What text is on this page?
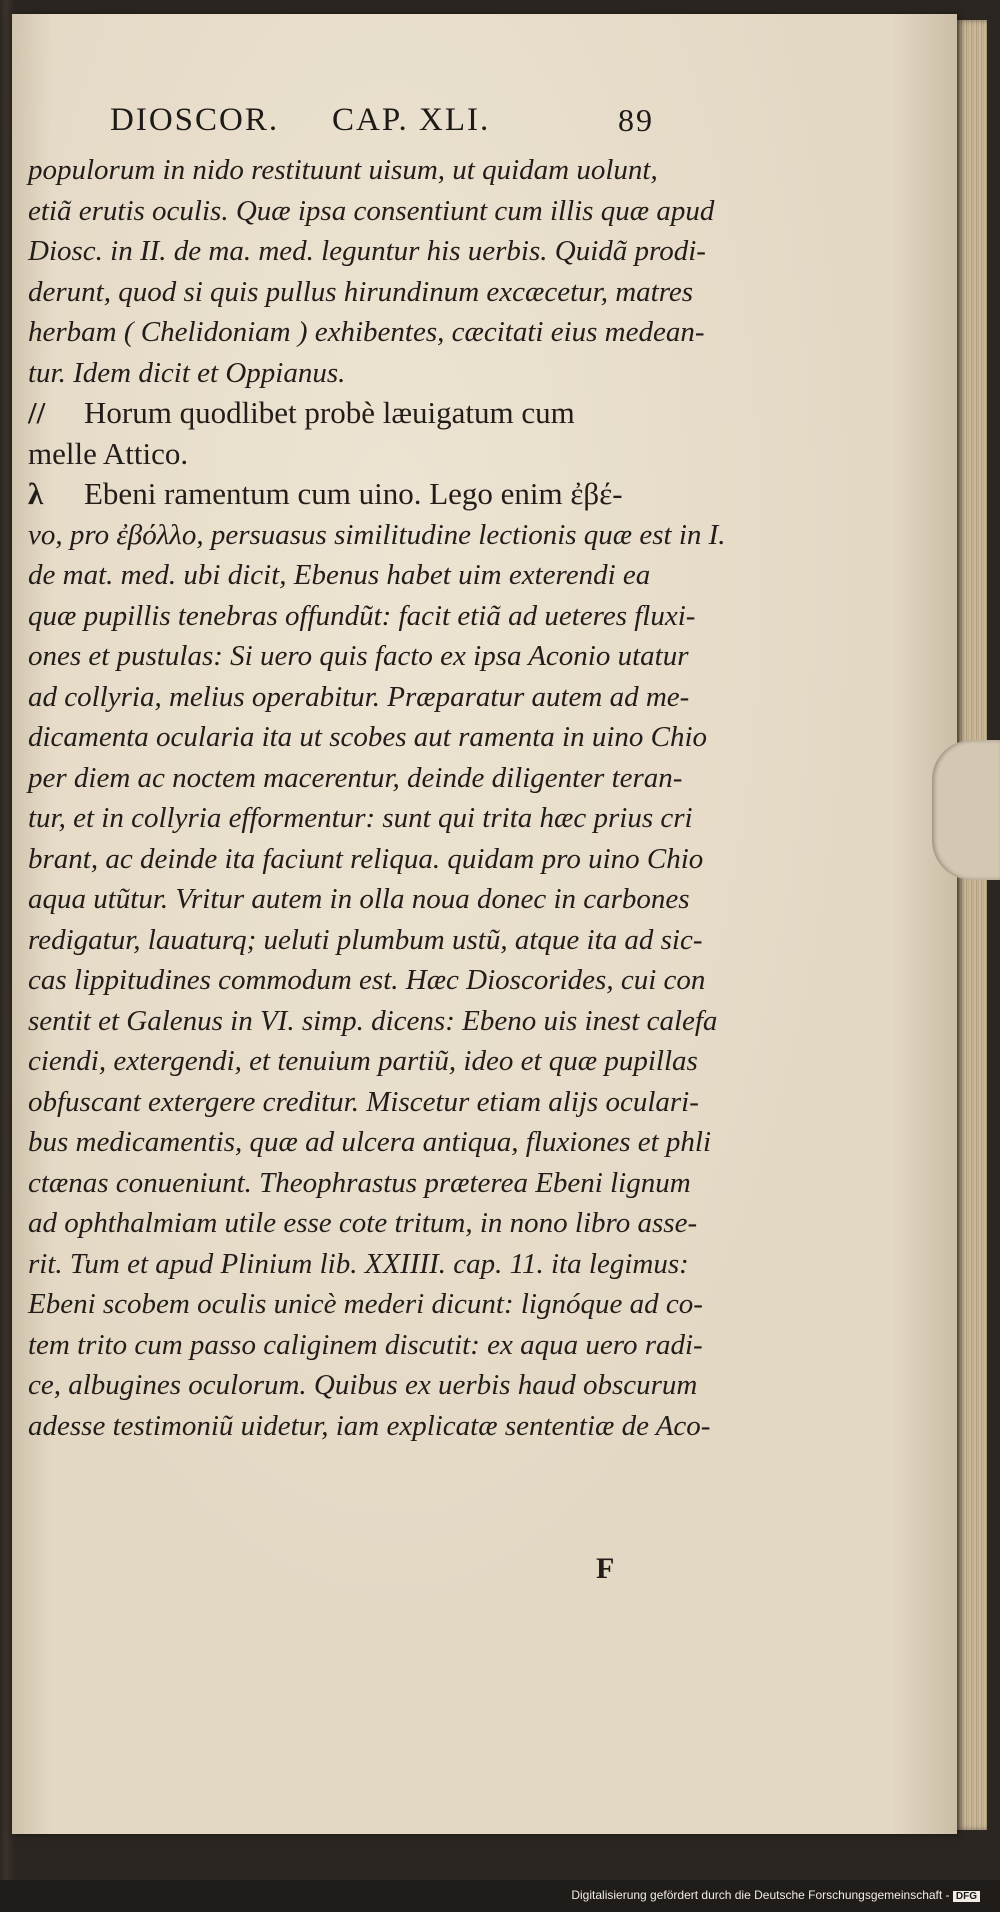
DIOSCOR. CAP. XLI.	89
populorum in nido restituunt uisum, ut quidam uolunt,
etiã erutis oculis. Quæ ipsa consentiunt cum illis quæ apud
Diosc. in II. de ma. med. leguntur his uerbis. Quidã prodi-
derunt, quod si quis pullus hirundinum excæcetur, matres
herbam ( Chelidoniam ) exhibentes, cæcitati eius medean-
tur. Idem dicit et Oppianus.
// Horum quodlibet probè læuigatum cum
melle Attico.
λ Ebeni ramentum cum uino. Lego enim ἐβέ-
νο, pro ἐβόλλο, persuasus similitudine lectionis quæ est in I.
de mat. med. ubi dicit, Ebenus habet uim exterendi ea
quæ pupillis tenebras offundũt: facit etiã ad ueteres fluxi-
ones et pustulas: Si uero quis facto ex ipsa Aconio utatur
ad collyria, melius operabitur. Præparatur autem ad me-
dicamenta ocularia ita ut scobes aut ramenta in uino Chio
per diem ac noctem macerentur, deinde diligenter teran-
tur, et in collyria efformentur: sunt qui trita hæc prius cri
brant, ac deinde ita faciunt reliqua. quidam pro uino Chio
aqua utũtur. Vritur autem in olla noua donec in carbones
redigatur, lauaturq; ueluti plumbum ustũ, atque ita ad sic-
cas lippitudines commodum est. Hæc Dioscorides, cui con
sentit et Galenus in VI. simp. dicens: Ebeno uis inest calefa
ciendi, extergendi, et tenuium partiũ, ideo et quæ pupillas
obfuscant extergere creditur. Miscetur etiam alijs oculari-
bus medicamentis, quæ ad ulcera antiqua, fluxiones et phli
ctænas conueniunt. Theophrastus præterea Ebeni lignum
ad ophthalmiam utile esse cote tritum, in nono libro asse-
rit. Tum et apud Plinium lib. XXIIII. cap. 11. ita legimus:
Ebeni scobem oculis unicè mederi dicunt: lignóque ad co-
tem trito cum passo caliginem discutit: ex aqua uero radi-
ce, albugines oculorum. Quibus ex uerbis haud obscurum
adesse testimoniũ uidetur, iam explicatæ sententiæ de Aco-
F
Digitalisierung gefördert durch die Deutsche Forschungsgemeinschaft - DFG
